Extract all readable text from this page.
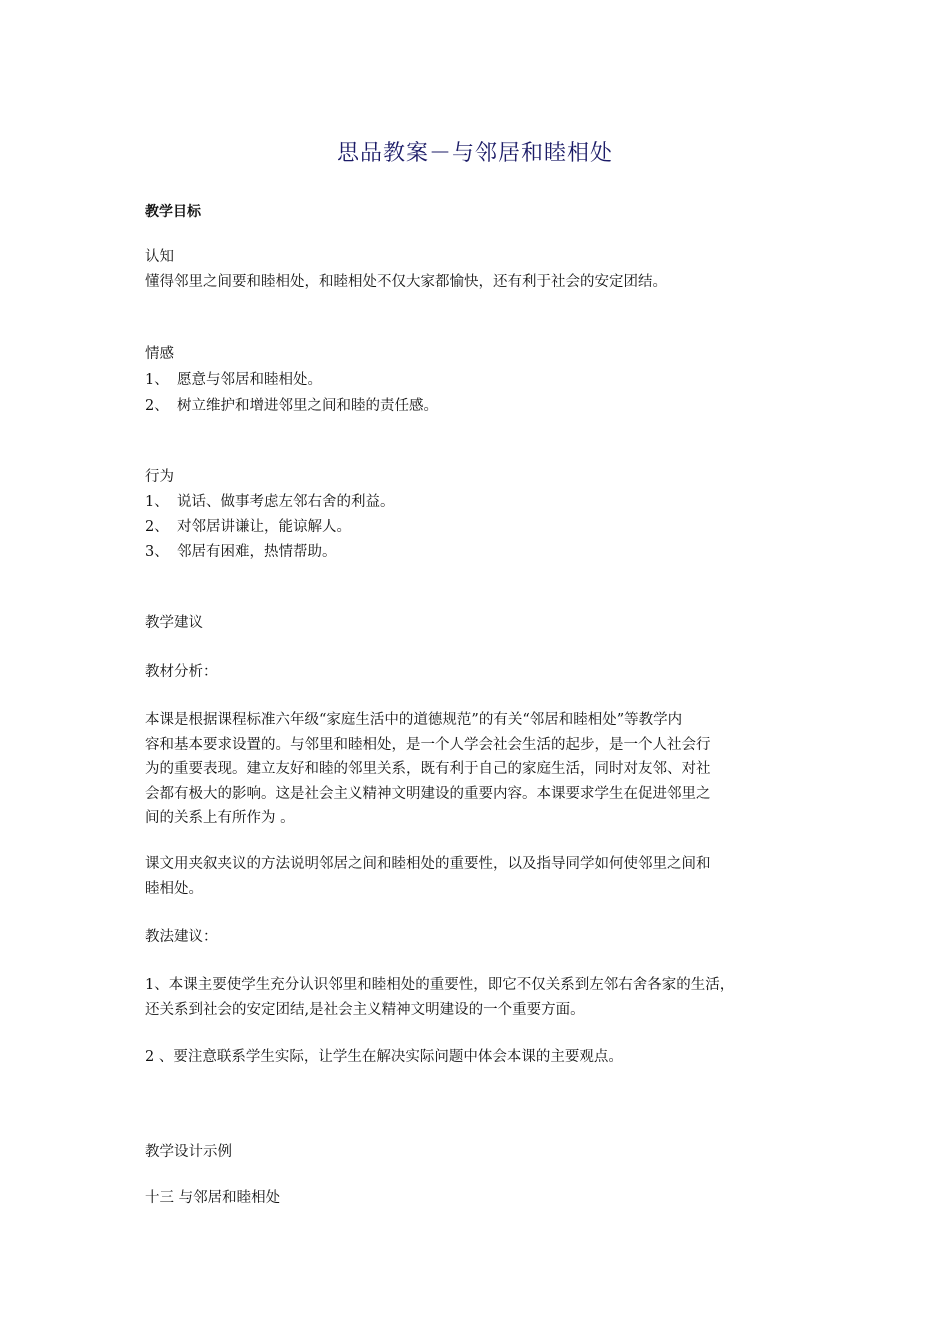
思品教案－与邻居和睦相处
教学目标
认知
懂得邻里之间要和睦相处，和睦相处不仅大家都愉快，还有利于社会的安定团结。
情感
1、 愿意与邻居和睦相处。
2、 树立维护和增进邻里之间和睦的责任感。
行为
1、 说话、做事考虑左邻右舍的利益。
2、 对邻居讲谦让，能谅解人。
3、 邻居有困难，热情帮助。
教学建议
教材分析：
本课是根据课程标准六年级“家庭生活中的道德规范”的有关“邻居和睦相处”等教学内
容和基本要求设置的。与邻里和睦相处，是一个人学会社会生活的起步，是一个人社会行
为的重要表现。建立友好和睦的邻里关系，既有利于自己的家庭生活，同时对友邻、对社
会都有极大的影响。这是社会主义精神文明建设的重要内容。本课要求学生在促进邻里之
间的关系上有所作为 。
课文用夹叙夹议的方法说明邻居之间和睦相处的重要性，以及指导同学如何使邻里之间和
睦相处。
教法建议：
1、本课主要使学生充分认识邻里和睦相处的重要性，即它不仅关系到左邻右舍各家的生活，
还关系到社会的安定团结,是社会主义精神文明建设的一个重要方面。
2 、要注意联系学生实际，让学生在解决实际问题中体会本课的主要观点。
教学设计示例
十三 与邻居和睦相处
